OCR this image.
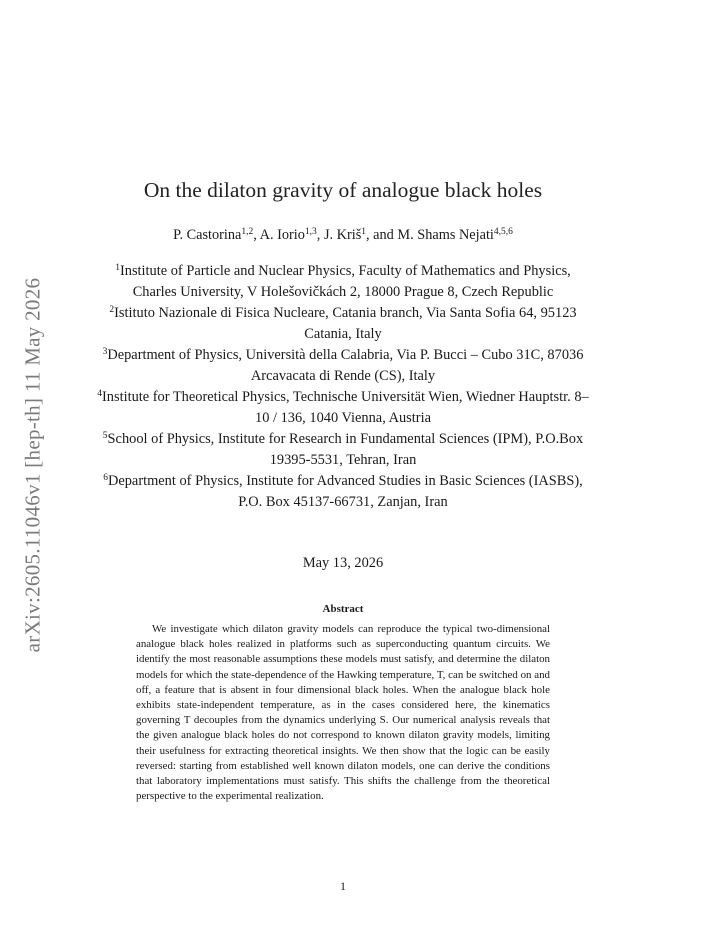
arXiv:2605.11046v1 [hep-th] 11 May 2026
On the dilaton gravity of analogue black holes
P. Castorina$^{1,2}$, A. Iorio$^{1,3}$, J. Kriš$^1$, and M. Shams Nejati$^{4,5,6}$

$^1$Institute of Particle and Nuclear Physics, Faculty of Mathematics and Physics, Charles University, V Holešovičkách 2, 18000 Prague 8, Czech Republic

$^2$Istituto Nazionale di Fisica Nucleare, Catania branch, Via Santa Sofia 64, 95123 Catania, Italy

$^3$Department of Physics, Università della Calabria, Via P. Bucci – Cubo 31C, 87036 Arcavacata di Rende (CS), Italy

$^4$Institute for Theoretical Physics, Technische Universität Wien, Wiedner Hauptstr. 8–10 / 136, 1040 Vienna, Austria

$^5$School of Physics, Institute for Research in Fundamental Sciences (IPM), P.O.Box 19395-5531, Tehran, Iran

$^6$Department of Physics, Institute for Advanced Studies in Basic Sciences (IASBS), P.O. Box 45137-66731, Zanjan, Iran

May 13, 2026
Abstract

We investigate which dilaton gravity models can reproduce the typical two-dimensional analogue black holes realized in platforms such as superconducting quantum circuits. We identify the most reasonable assumptions these models must satisfy, and determine the dilaton models for which the state-dependence of the Hawking temperature, T, can be switched on and off, a feature that is absent in four dimensional black holes. When the analogue black hole exhibits state-independent temperature, as in the cases considered here, the kinematics governing T decouples from the dynamics underlying S. Our numerical analysis reveals that the given analogue black holes do not correspond to known dilaton gravity models, limiting their usefulness for extracting theoretical insights. We then show that the logic can be easily reversed: starting from established well known dilaton models, one can derive the conditions that laboratory implementations must satisfy. This shifts the challenge from the theoretical perspective to the experimental realization.

1
